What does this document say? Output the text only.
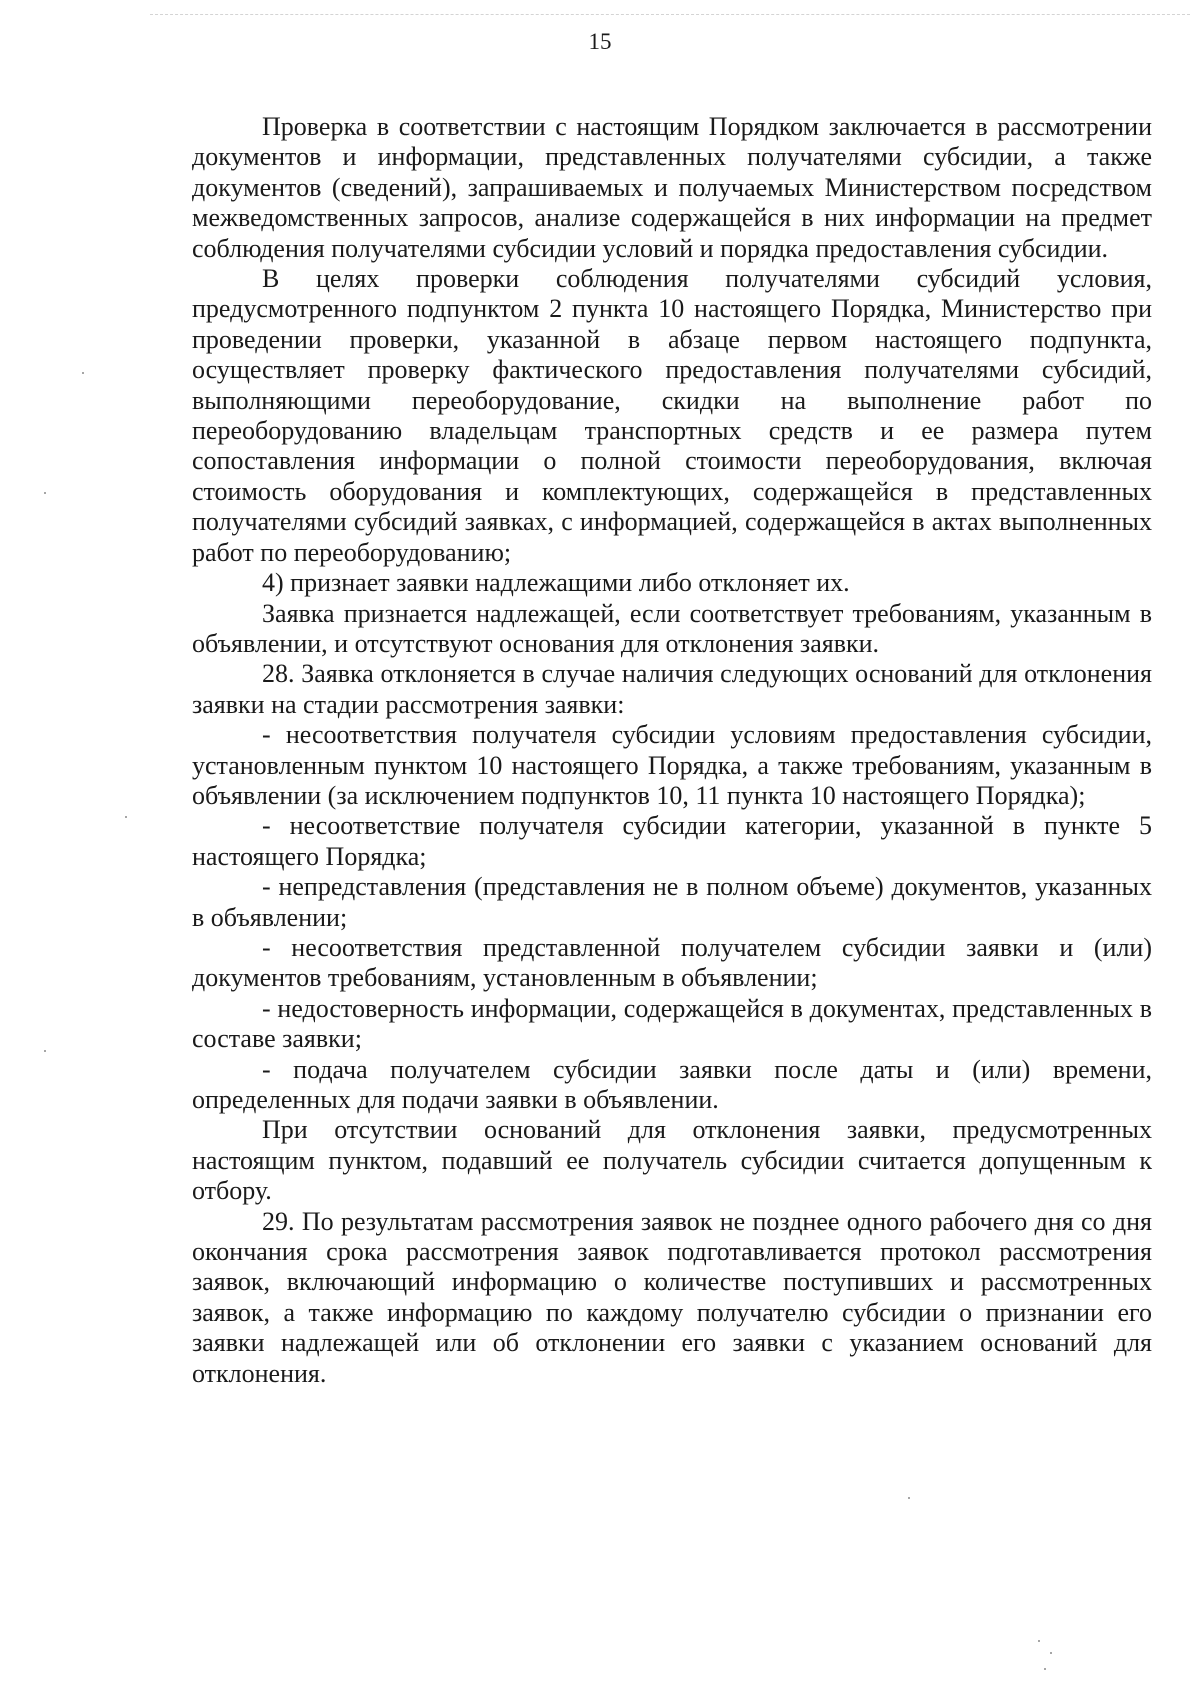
15

Проверка в соответствии с настоящим Порядком заключается в рассмотрении документов и информации, представленных получателями субсидии, а также документов (сведений), запрашиваемых и получаемых Министерством посредством межведомственных запросов, анализе содержащейся в них информации на предмет соблюдения получателями субсидии условий и порядка предоставления субсидии.

В целях проверки соблюдения получателями субсидий условия, предусмотренного подпунктом 2 пункта 10 настоящего Порядка, Министерство при проведении проверки, указанной в абзаце первом настоящего подпункта, осуществляет проверку фактического предоставления получателями субсидий, выполняющими переоборудование, скидки на выполнение работ по переоборудованию владельцам транспортных средств и ее размера путем сопоставления информации о полной стоимости переоборудования, включая стоимость оборудования и комплектующих, содержащейся в представленных получателями субсидий заявках, с информацией, содержащейся в актах выполненных работ по переоборудованию;

4) признает заявки надлежащими либо отклоняет их.

Заявка признается надлежащей, если соответствует требованиям, указанным в объявлении, и отсутствуют основания для отклонения заявки.

28. Заявка отклоняется в случае наличия следующих оснований для отклонения заявки на стадии рассмотрения заявки:

- несоответствия получателя субсидии условиям предоставления субсидии, установленным пунктом 10 настоящего Порядка, а также требованиям, указанным в объявлении (за исключением подпунктов 10, 11 пункта 10 настоящего Порядка);

- несоответствие получателя субсидии категории, указанной в пункте 5 настоящего Порядка;

- непредставления (представления не в полном объеме) документов, указанных в объявлении;

- несоответствия представленной получателем субсидии заявки и (или) документов требованиям, установленным в объявлении;

- недостоверность информации, содержащейся в документах, представленных в составе заявки;

- подача получателем субсидии заявки после даты и (или) времени, определенных для подачи заявки в объявлении.

При отсутствии оснований для отклонения заявки, предусмотренных настоящим пунктом, подавший ее получатель субсидии считается допущенным к отбору.

29. По результатам рассмотрения заявок не позднее одного рабочего дня со дня окончания срока рассмотрения заявок подготавливается протокол рассмотрения заявок, включающий информацию о количестве поступивших и рассмотренных заявок, а также информацию по каждому получателю субсидии о признании его заявки надлежащей или об отклонении его заявки с указанием оснований для отклонения.
